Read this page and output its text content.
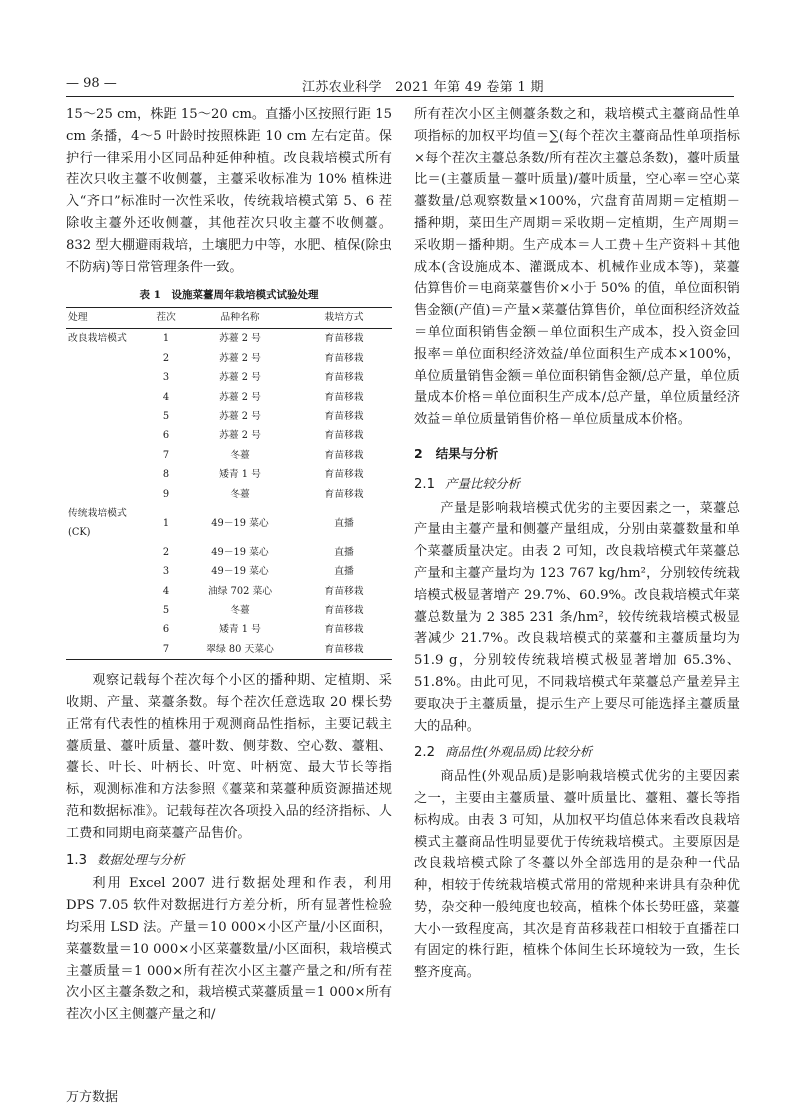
— 98 —	江苏农业科学　2021 年第 49 卷第 1 期

15～25 cm，株距 15～20 cm。直播小区按照行距 15 cm 条播，4～5 叶龄时按照株距 10 cm 左右定苗。保护行一律采用小区同品种延伸种植。改良栽培模式所有茬次只收主薹不收侧薹，主薹采收标准为 10% 植株进入“齐口”标准时一次性采收，传统栽培模式第 5、6 茬除收主薹外还收侧薹，其他茬次只收主薹不收侧薹。832 型大棚避雨栽培，土壤肥力中等，水肥、植保(除虫不防病)等日常管理条件一致。

表 1　设施菜薹周年栽培模式试验处理
处理	茬次	品种名称	栽培方式
改良栽培模式	1	苏薹 2 号	育苗移栽
	2	苏薹 2 号	育苗移栽
	3	苏薹 2 号	育苗移栽
	4	苏薹 2 号	育苗移栽
	5	苏薹 2 号	育苗移栽
	6	苏薹 2 号	育苗移栽
	7	冬薹	育苗移栽
	8	矮青 1 号	育苗移栽
	9	冬薹	育苗移栽
传统栽培模式(CK)	1	49－19 菜心	直播
	2	49－19 菜心	直播
	3	49－19 菜心	直播
	4	油绿 702 菜心	育苗移栽
	5	冬薹	育苗移栽
	6	矮青 1 号	育苗移栽
	7	翠绿 80 天菜心	育苗移栽

观察记载每个茬次每个小区的播种期、定植期、采收期、产量、菜薹条数。每个茬次任意选取 20 棵长势正常有代表性的植株用于观测商品性指标，主要记载主薹质量、薹叶质量、薹叶数、侧芽数、空心数、薹粗、薹长、叶长、叶柄长、叶宽、叶柄宽、最大节长等指标，观测标准和方法参照《薹菜和菜薹种质资源描述规范和数据标准》。记载每茬次各项投入品的经济指标、人工费和同期电商菜薹产品售价。

1.3 数据处理与分析

利用 Excel 2007 进行数据处理和作表，利用 DPS 7.05 软件对数据进行方差分析，所有显著性检验均采用 LSD 法。产量＝10 000×小区产量/小区面积，菜薹数量＝10 000×小区菜薹数量/小区面积，栽培模式主薹质量＝1 000×所有茬次小区主薹产量之和/所有茬次小区主薹条数之和，栽培模式菜薹质量＝1 000×所有茬次小区主侧薹产量之和/

所有茬次小区主侧薹条数之和，栽培模式主薹商品性单项指标的加权平均值＝∑(每个茬次主薹商品性单项指标×每个茬次主薹总条数/所有茬次主薹总条数)，薹叶质量比＝(主薹质量－薹叶质量)/薹叶质量，空心率＝空心菜薹数量/总观察数量×100%，穴盘育苗周期＝定植期－播种期，菜田生产周期＝采收期－定植期，生产周期＝采收期－播种期。生产成本＝人工费＋生产资料＋其他成本(含设施成本、灌溉成本、机械作业成本等)，菜薹估算售价＝电商菜薹售价×小于 50% 的值，单位面积销售金额(产值)＝产量×菜薹估算售价，单位面积经济效益＝单位面积销售金额－单位面积生产成本，投入资金回报率＝单位面积经济效益/单位面积生产成本×100%，单位质量销售金额＝单位面积销售金额/总产量，单位质量成本价格＝单位面积生产成本/总产量，单位质量经济效益＝单位质量销售价格－单位质量成本价格。

2 结果与分析
2.1 产量比较分析

产量是影响栽培模式优劣的主要因素之一，菜薹总产量由主薹产量和侧薹产量组成，分别由菜薹数量和单个菜薹质量决定。由表 2 可知，改良栽培模式年菜薹总产量和主薹产量均为 123 767 kg/hm²，分别较传统栽培模式极显著增产 29.7%、60.9%。改良栽培模式年菜薹总数量为 2 385 231 条/hm²，较传统栽培模式极显著减少 21.7%。改良栽培模式的菜薹和主薹质量均为 51.9 g，分别较传统栽培模式极显著增加 65.3%、51.8%。由此可见，不同栽培模式年菜薹总产量差异主要取决于主薹质量，提示生产上要尽可能选择主薹质量大的品种。

2.2 商品性(外观品质)比较分析

商品性(外观品质)是影响栽培模式优劣的主要因素之一，主要由主薹质量、薹叶质量比、薹粗、薹长等指标构成。由表 3 可知，从加权平均值总体来看改良栽培模式主薹商品性明显要优于传统栽培模式。主要原因是改良栽培模式除了冬薹以外全部选用的是杂种一代品种，相较于传统栽培模式常用的常规种来讲具有杂种优势，杂交种一般纯度也较高，植株个体长势旺盛，菜薹大小一致程度高，其次是育苗移栽茬口相较于直播茬口有固定的株行距，植株个体间生长环境较为一致，生长整齐度高。

万方数据
